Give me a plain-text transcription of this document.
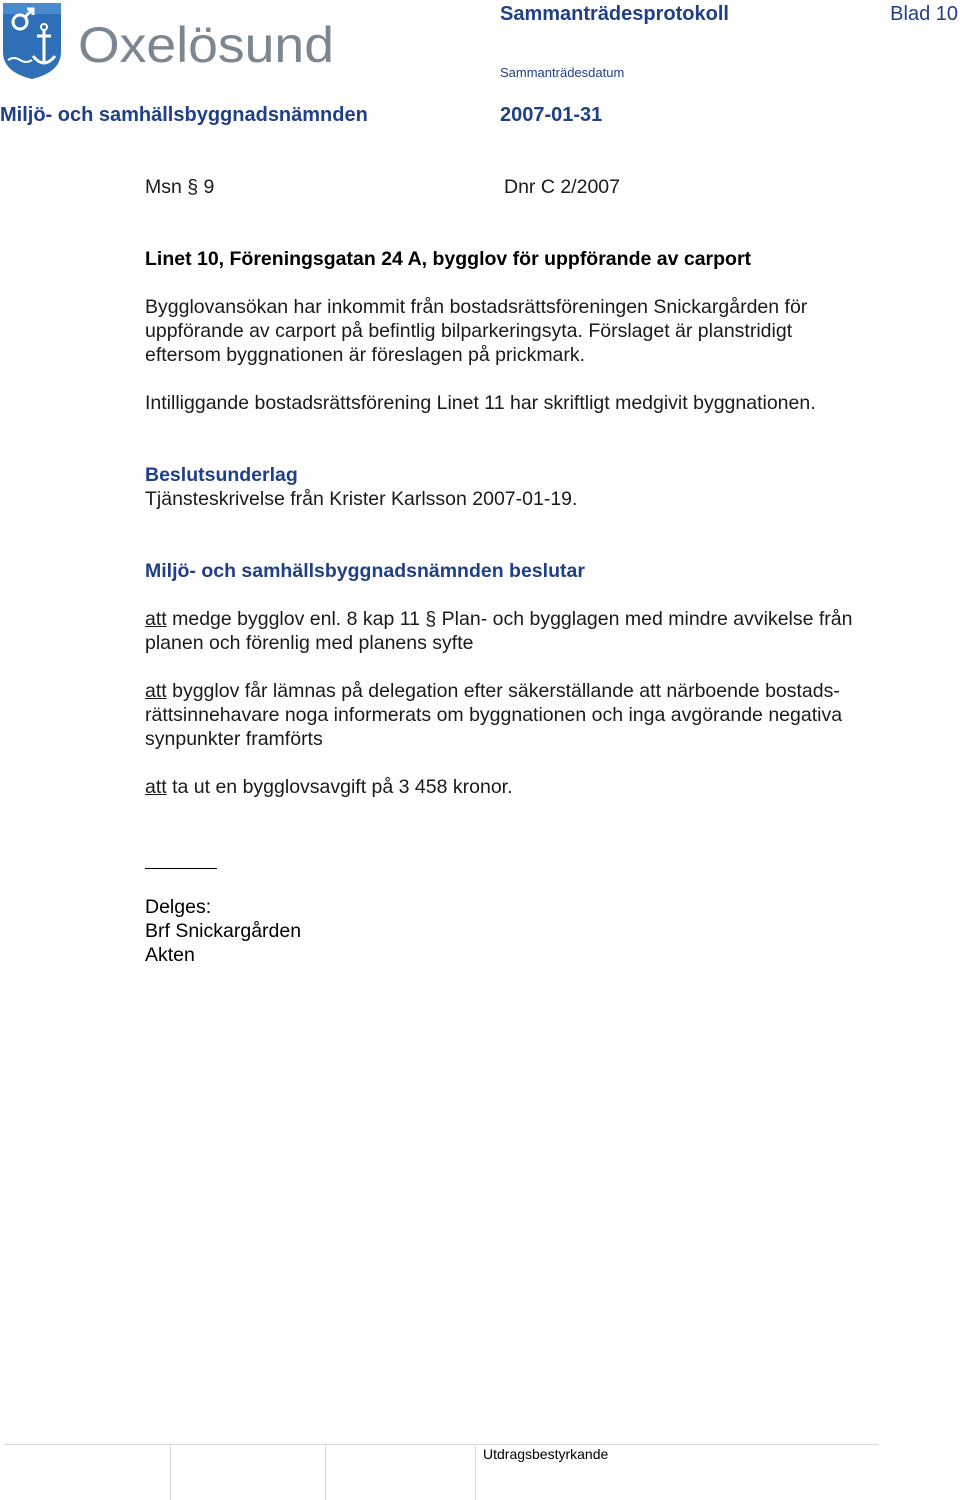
Oxelösund
Sammanträdesprotokoll	Blad 10
Sammanträdesdatum
Miljö- och samhällsbyggnadsnämnden	2007-01-31
Msn § 9	Dnr C 2/2007
Linet 10, Föreningsgatan 24 A, bygglov för uppförande av carport
Bygglovansökan har inkommit från bostadsrättsföreningen Snickargården för
uppförande av carport på befintlig bilparkeringsyta. Förslaget är planstridigt
eftersom byggnationen är föreslagen på prickmark.
Intilliggande bostadsrättsförening Linet 11 har skriftligt medgivit byggnationen.
Beslutsunderlag
Tjänsteskrivelse från Krister Karlsson 2007-01-19.
Miljö- och samhällsbyggnadsnämnden beslutar
att medge bygglov enl. 8 kap 11 § Plan- och bygglagen med mindre avvikelse från
planen och förenlig med planens syfte
att bygglov får lämnas på delegation efter säkerställande att närboende bostads-
rättsinnehavare noga informerats om byggnationen och inga avgörande negativa
synpunkter framförts
att ta ut en bygglovsavgift på 3 458 kronor.
Delges:
Brf Snickargården
Akten
Utdragsbestyrkande
